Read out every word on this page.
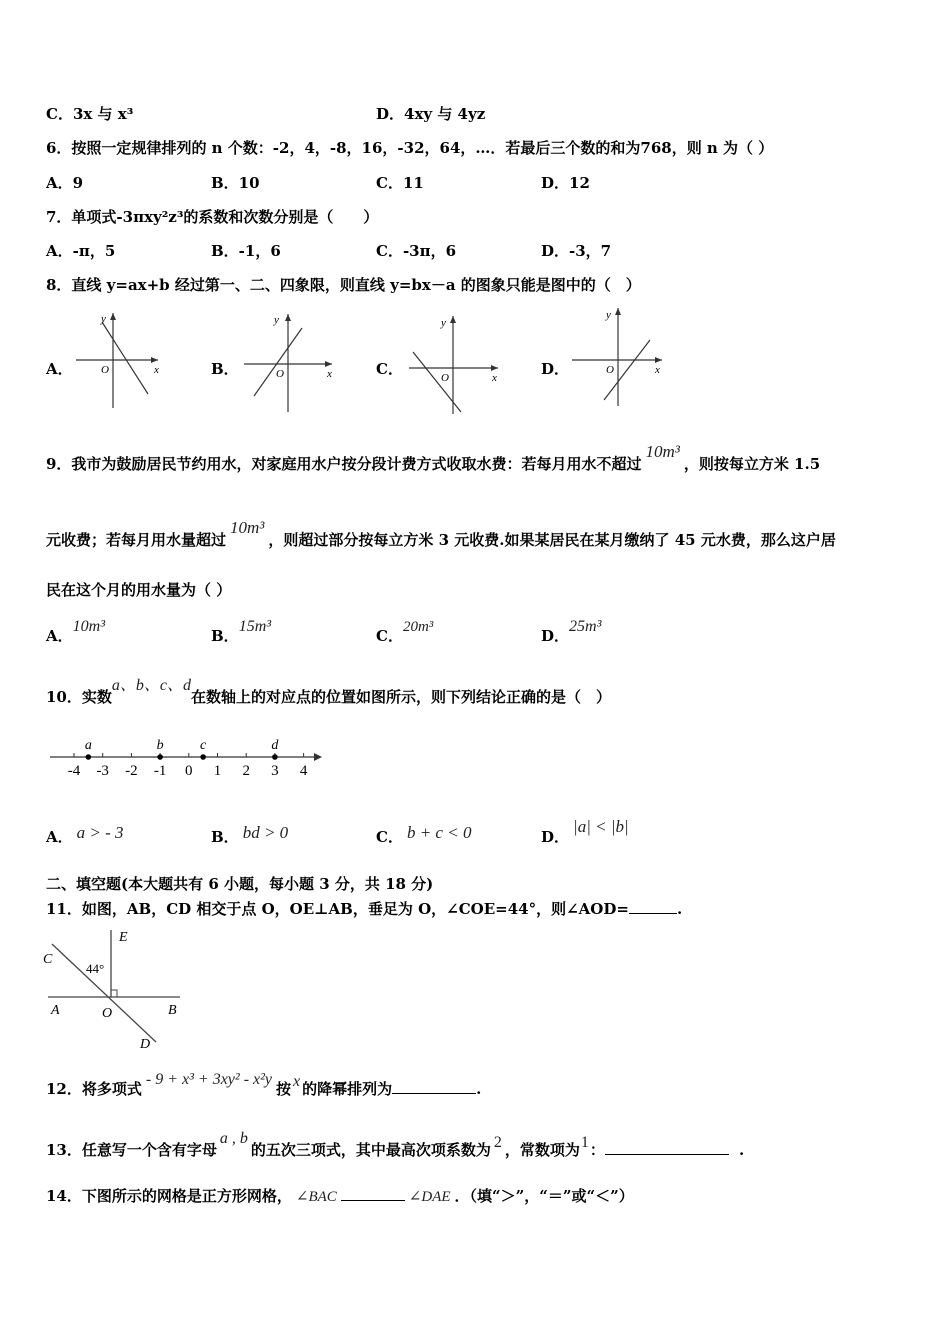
C．3x 与 x³	D．4xy 与 4yz
6．按照一定规律排列的 n 个数：-2，4，-8，16，-32，64，…．若最后三个数的和为768，则 n 为（ ）
A．9	B．10	C．11	D．12
7．单项式-3πxy²z³的系数和次数分别是（　　）
A．-π，5	B．-1，6	C．-3π，6	D．-3，7
8．直线 y=ax+b 经过第一、二、四象限，则直线 y=bx－a 的图象只能是图中的（　）
A．
y
x
O	B．
y
x
O	C．
y
x
O	D．
y
x
O
9．我市为鼓励居民节约用水，对家庭用水户按分段计费方式收取水费：若每月用水不超过10m³，则按每立方米 1.5
元收费；若每月用水量超过10m³，则超过部分按每立方米 3 元收费.如果某居民在某月缴纳了 45 元水费，那么这户居
民在这个月的用水量为（ ）
A．10m³
B．15m³
C．20m³	D．25m³
10．实数a、b、c、d在数轴上的对应点的位置如图所示，则下列结论正确的是（　）
-4 -3 -2 -1 0 1 2 3 4
a	b	c	d
A． a > - 3	B． bd > 0	C． b + c < 0	D．|a| < |b|
二、填空题(本大题共有 6 小题，每小题 3 分，共 18 分)
11．如图，AB，CD 相交于点 O，OE⊥AB，垂足为 O，∠COE=44°，则∠AOD=	.
E
C
44°
A	O	B
D
12．将多项式- 9 + x³ + 3xy² - x²y按 x 的降幂排列为	.
13．任意写一个含有字母a , b的五次三项式，其中最高次项系数为 2 ，常数项为1：	.
14．下图所示的网格是正方形网格， ∠BAC	∠DAE ．（填“＞”，“＝”或“＜”）
